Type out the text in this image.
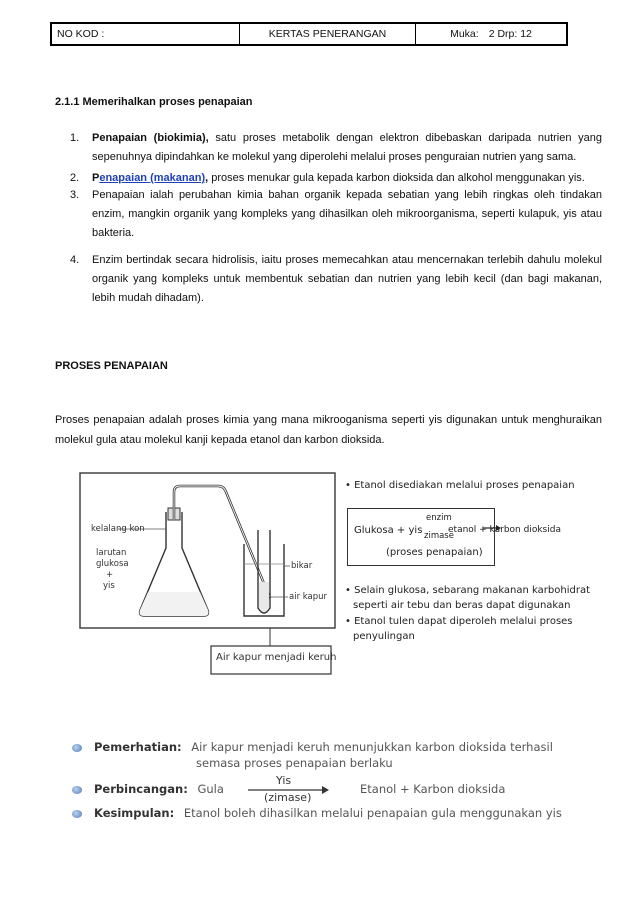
NO KOD :	KERTAS PENERANGAN	Muka: 2 Drp: 12
2.1.1 Memerihalkan proses penapaian
1. Penapaian (biokimia), satu proses metabolik dengan elektron dibebaskan daripada nutrien yang sepenuhnya dipindahkan ke molekul yang diperolehi melalui proses penguraian nutrien yang sama.
2. Penapaian (makanan), proses menukar gula kepada karbon dioksida dan alkohol menggunakan yis.
3. Penapaian ialah perubahan kimia bahan organik kepada sebatian yang lebih ringkas oleh tindakan enzim, mangkin organik yang kompleks yang dihasilkan oleh mikroorganisma, seperti kulapuk, yis atau bakteria.
4. Enzim bertindak secara hidrolisis, iaitu proses memecahkan atau mencernakan terlebih dahulu molekul organik yang kompleks untuk membentuk sebatian dan nutrien yang lebih kecil (dan bagi makanan, lebih mudah dihadam).
PROSES PENAPAIAN
Proses penapaian adalah proses kimia yang mana mikrooganisma seperti yis digunakan untuk menghuraikan molekul gula atau molekul kanji kepada etanol dan karbon dioksida.
kelalang kon
larutan
glukosa
+
yis
bikar
air kapur
Air kapur menjadi keruh
• Etanol disediakan melalui proses penapaian
Glukosa + yis
enzim
zimase
etanol + karbon dioksida
(proses penapaian)
• Selain glukosa, sebarang makanan karbohidrat
seperti air tebu dan beras dapat digunakan
• Etanol tulen dapat diperoleh melalui proses
penyulingan
Pemerhatian: Air kapur menjadi keruh menunjukkan karbon dioksida terhasil
semasa proses penapaian berlaku
Perbincangan: Gula
Yis
(zimase)
Etanol + Karbon dioksida
Kesimpulan: Etanol boleh dihasilkan melalui penapaian gula menggunakan yis
